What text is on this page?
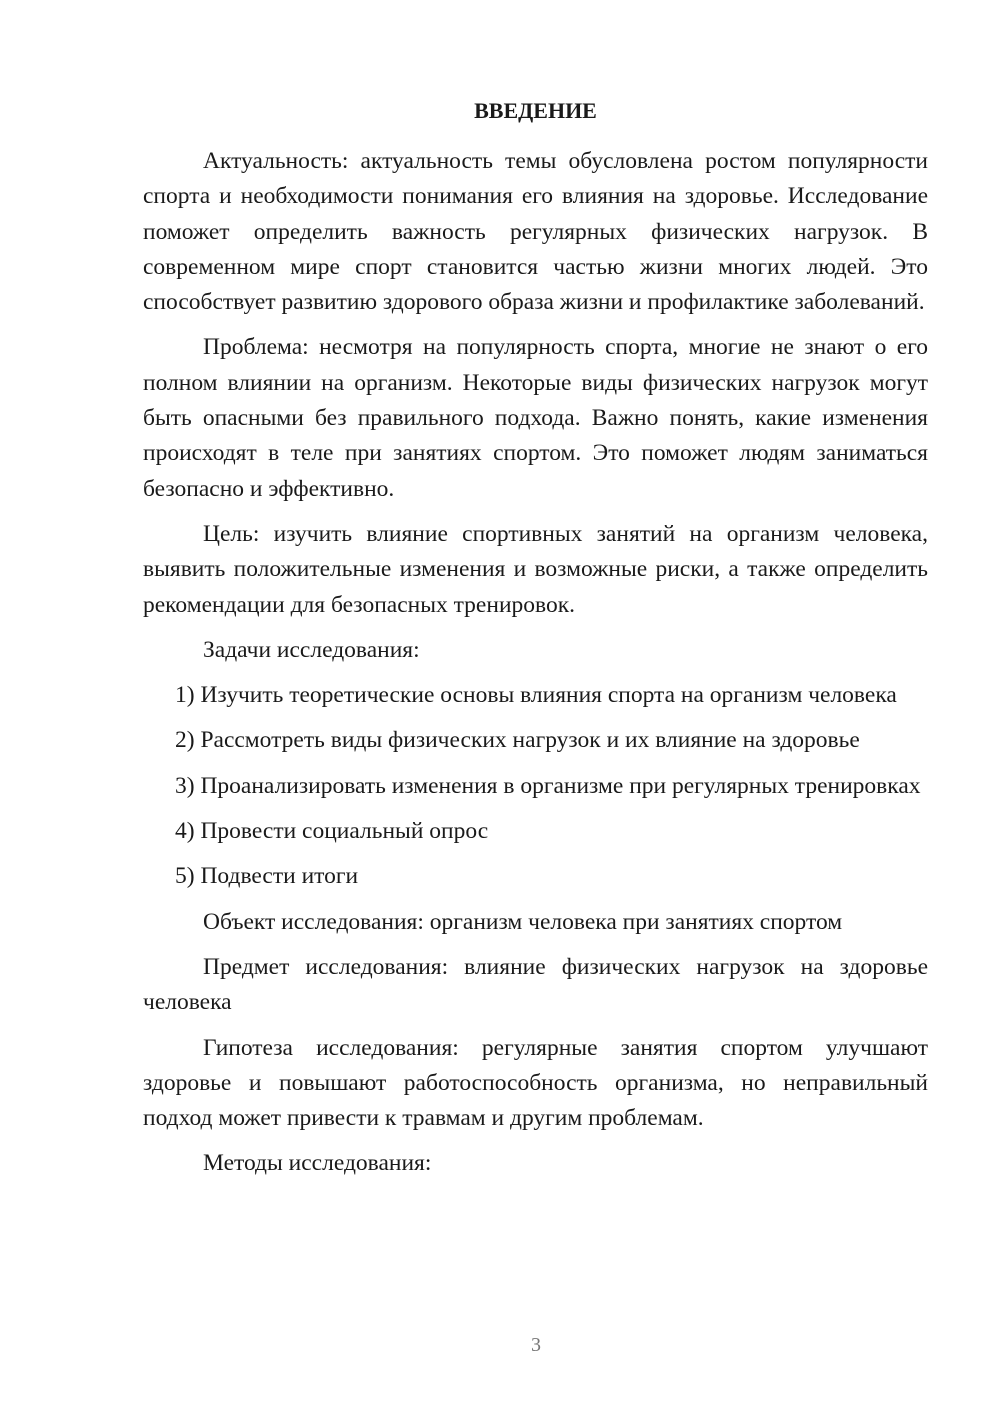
ВВЕДЕНИЕ

Актуальность: актуальность темы обусловлена ростом популярности спорта и необходимости понимания его влияния на здоровье. Исследование поможет определить важность регулярных физических нагрузок. В современном мире спорт становится частью жизни многих людей. Это способствует развитию здорового образа жизни и профилактике заболеваний.

Проблема: несмотря на популярность спорта, многие не знают о его полном влиянии на организм. Некоторые виды физических нагрузок могут быть опасными без правильного подхода. Важно понять, какие изменения происходят в теле при занятиях спортом. Это поможет людям заниматься безопасно и эффективно.

Цель: изучить влияние спортивных занятий на организм человека, выявить положительные изменения и возможные риски, а также определить рекомендации для безопасных тренировок.

Задачи исследования:

1) Изучить теоретические основы влияния спорта на организм человека

2) Рассмотреть виды физических нагрузок и их влияние на здоровье

3) Проанализировать изменения в организме при регулярных тренировках

4) Провести социальный опрос

5) Подвести итоги

Объект исследования: организм человека при занятиях спортом

Предмет исследования: влияние физических нагрузок на здоровье человека

Гипотеза исследования: регулярные занятия спортом улучшают здоровье и повышают работоспособность организма, но неправильный подход может привести к травмам и другим проблемам.

Методы исследования:

3
